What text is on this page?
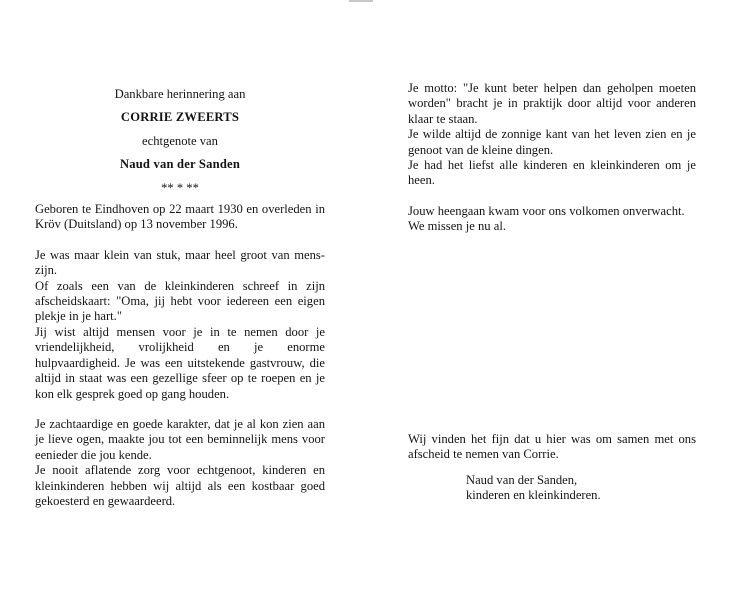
Dankbare herinnering aan
CORRIE ZWEERTS
echtgenote van
Naud van der Sanden
** * **
Geboren te Eindhoven op 22 maart 1930 en overleden in Kröv (Duitsland) op 13 november 1996.
Je was maar klein van stuk, maar heel groot van mens-zijn.
Of zoals een van de kleinkinderen schreef in zijn afscheidskaart: "Oma, jij hebt voor iedereen een eigen plekje in je hart."
Jij wist altijd mensen voor je in te nemen door je vriendelijkheid, vrolijkheid en je enorme hulpvaardigheid. Je was een uitstekende gastvrouw, die altijd in staat was een gezellige sfeer op te roepen en je kon elk gesprek goed op gang houden.
Je zachtaardige en goede karakter, dat je al kon zien aan je lieve ogen, maakte jou tot een beminnelijk mens voor eenieder die jou kende.
Je nooit aflatende zorg voor echtgenoot, kinderen en kleinkinderen hebben wij altijd als een kostbaar goed gekoesterd en gewaardeerd.
Je motto: "Je kunt beter helpen dan geholpen moeten worden" bracht je in praktijk door altijd voor anderen klaar te staan.
Je wilde altijd de zonnige kant van het leven zien en je genoot van de kleine dingen.
Je had het liefst alle kinderen en kleinkinderen om je heen.
Jouw heengaan kwam voor ons volkomen onverwacht.
We missen je nu al.
Wij vinden het fijn dat u hier was om samen met ons afscheid te nemen van Corrie.
Naud van der Sanden,
kinderen en kleinkinderen.
